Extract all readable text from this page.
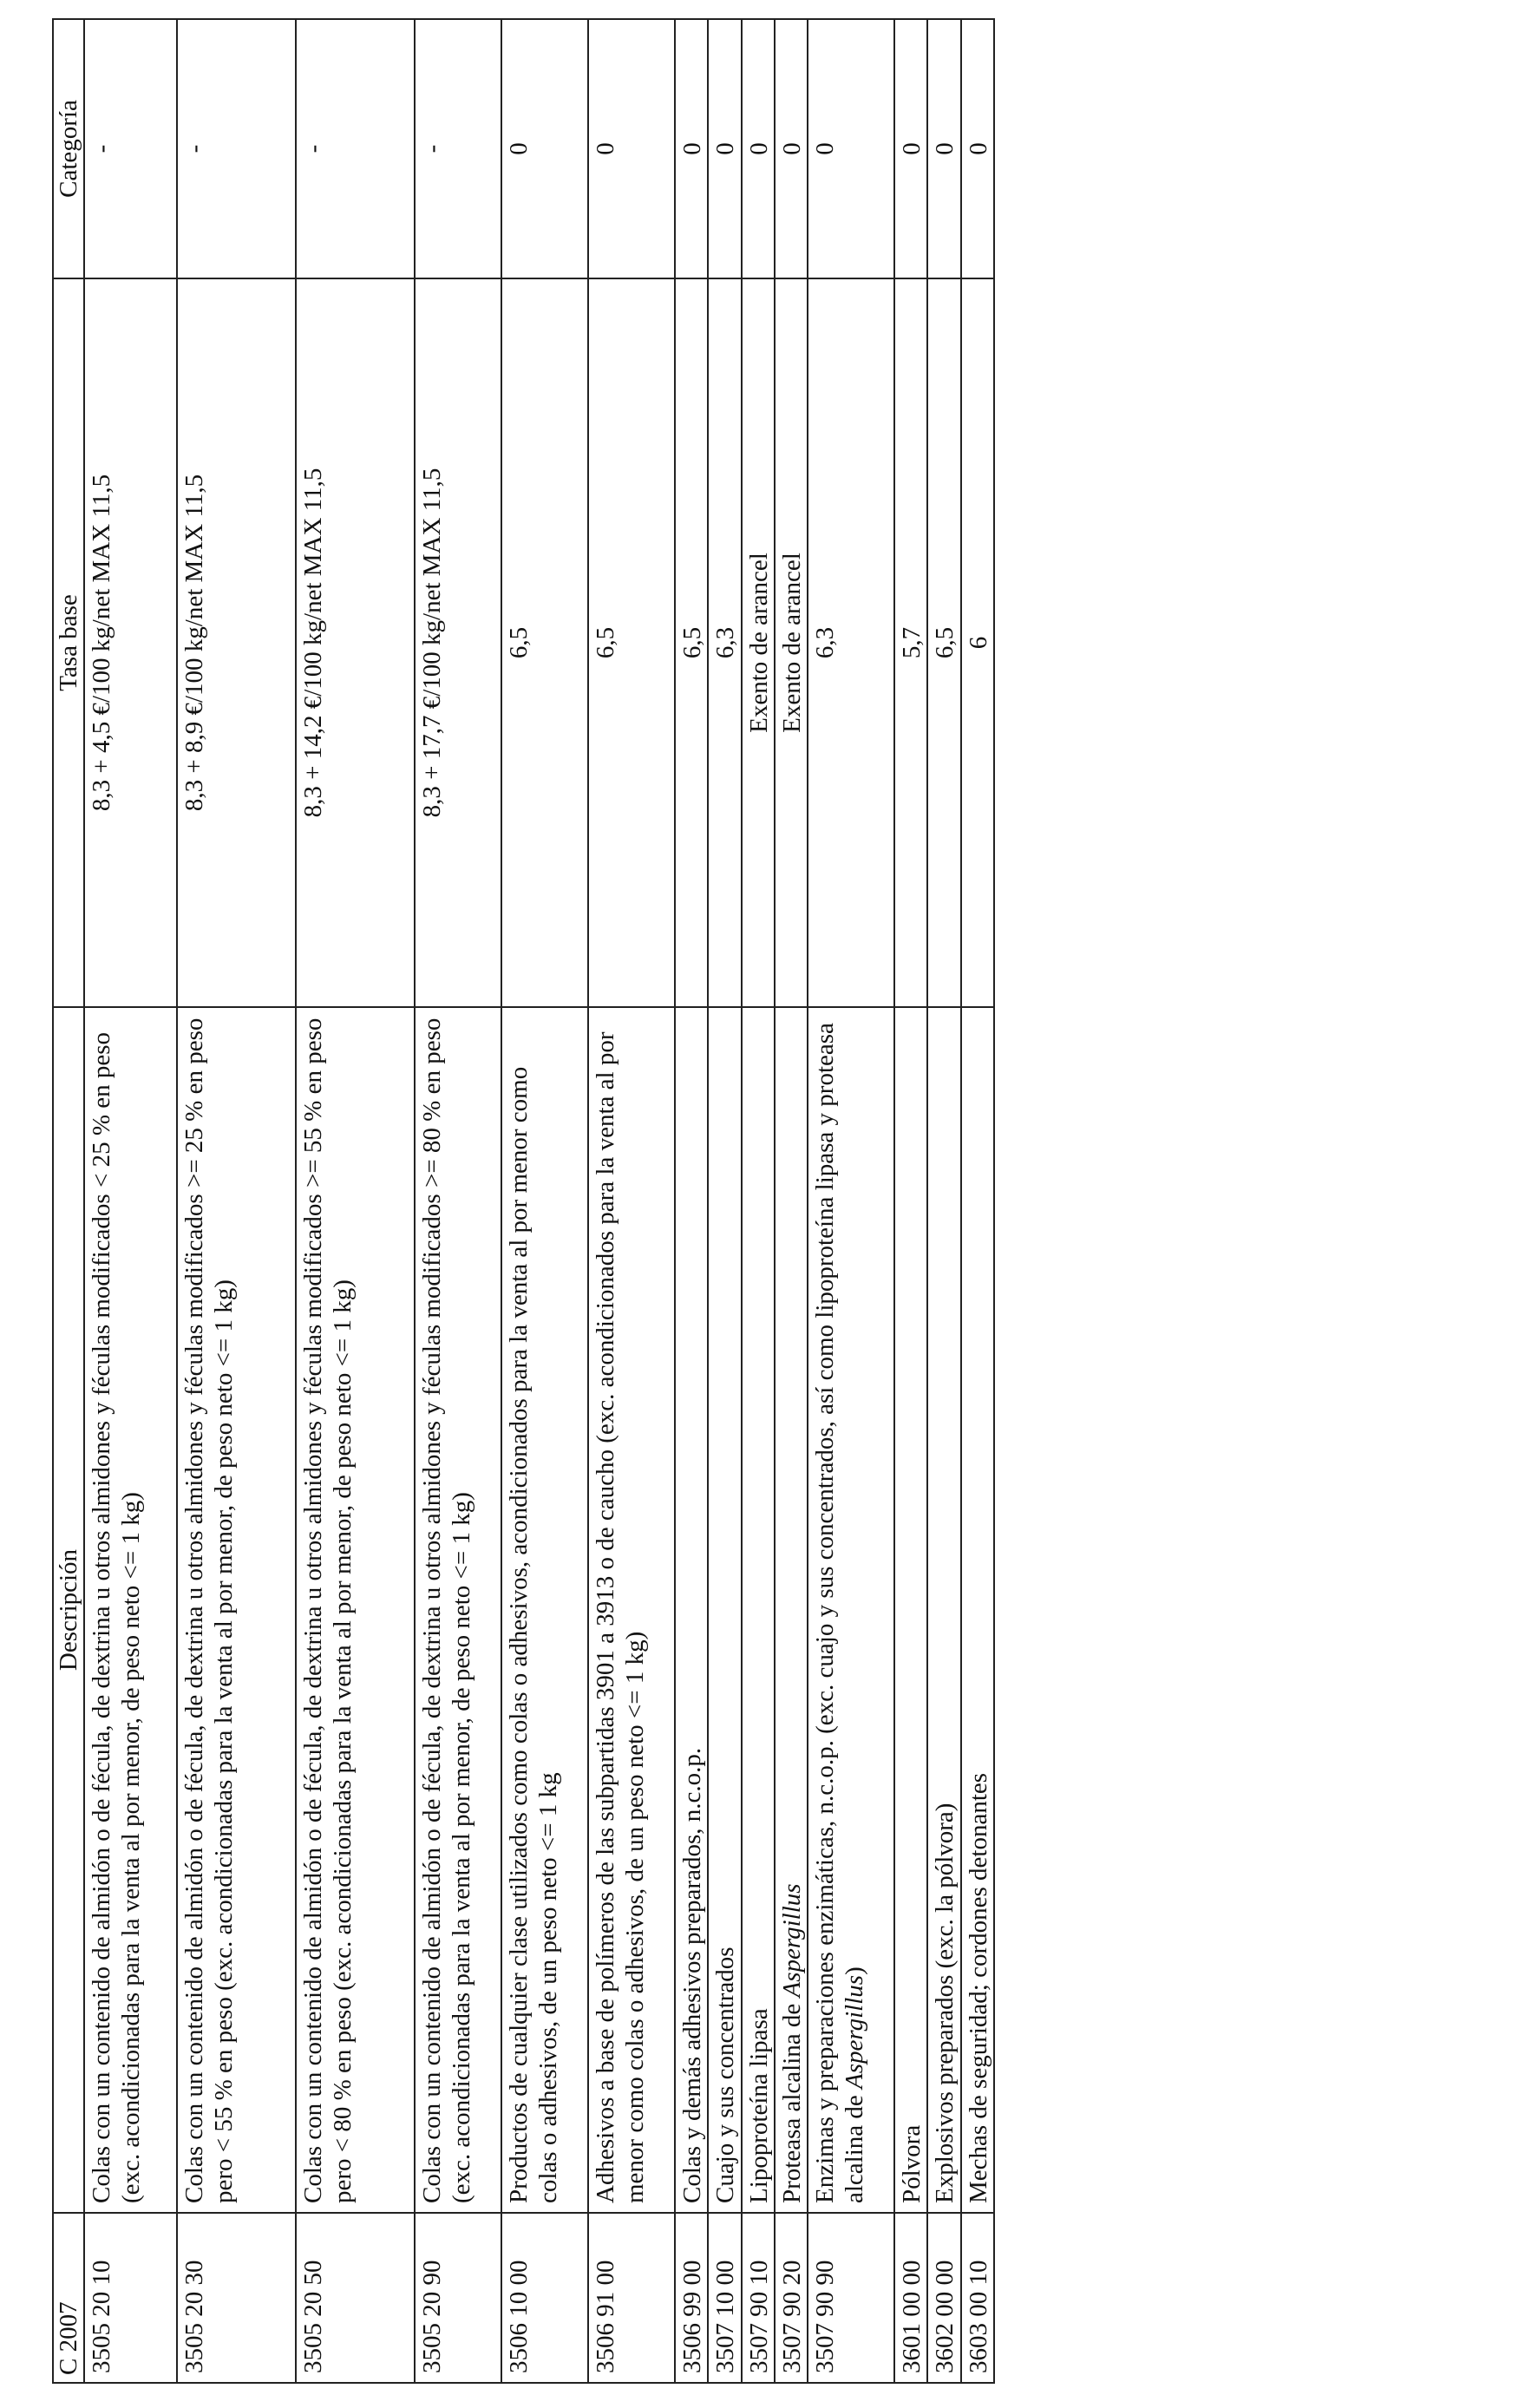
C 2007		Descripción	Tasa base	Categoría
3505 20 10		Colas con un contenido de almidón o de fécula, de dextrina u otros almidones y féculas modificados < 25 % en peso (exc. acondicionadas para la venta al por menor, de peso neto <= 1 kg)	8,3 + 4,5 €/100 kg/net MAX 11,5	-
3505 20 30		Colas con un contenido de almidón o de fécula, de dextrina u otros almidones y féculas modificados >= 25 % en peso pero < 55 % en peso (exc. acondicionadas para la venta al por menor, de peso neto <= 1 kg)	8,3 + 8,9 €/100 kg/net MAX 11,5	-
3505 20 50		Colas con un contenido de almidón o de fécula, de dextrina u otros almidones y féculas modificados >= 55 % en peso pero < 80 % en peso (exc. acondicionadas para la venta al por menor, de peso neto <= 1 kg)	8,3 + 14,2 €/100 kg/net MAX 11,5	-
3505 20 90		Colas con un contenido de almidón o de fécula, de dextrina u otros almidones y féculas modificados >= 80 % en peso (exc. acondicionadas para la venta al por menor, de peso neto <= 1 kg)	8,3 + 17,7 €/100 kg/net MAX 11,5	-
3506 10 00		Productos de cualquier clase utilizados como colas o adhesivos, acondicionados para la venta al por menor como colas o adhesivos, de un peso neto <= 1 kg	6,5	0
3506 91 00		Adhesivos a base de polímeros de las subpartidas 3901 a 3913 o de caucho (exc. acondicionados para la venta al por menor como colas o adhesivos, de un peso neto <= 1 kg)	6,5	0
3506 99 00		Colas y demás adhesivos preparados, n.c.o.p.	6,5	0
3507 10 00		Cuajo y sus concentrados	6,3	0
3507 90 10		Lipoproteína lipasa	Exento de arancel	0
3507 90 20		Proteasa alcalina de Aspergillus	Exento de arancel	0
3507 90 90		Enzimas y preparaciones enzimáticas, n.c.o.p. (exc. cuajo y sus concentrados, así como lipoproteína lipasa y proteasa alcalina de Aspergillus)	6,3	0
3601 00 00		Pólvora	5,7	0
3602 00 00		Explosivos preparados (exc. la pólvora)	6,5	0
3603 00 10		Mechas de seguridad; cordones detonantes	6	0
